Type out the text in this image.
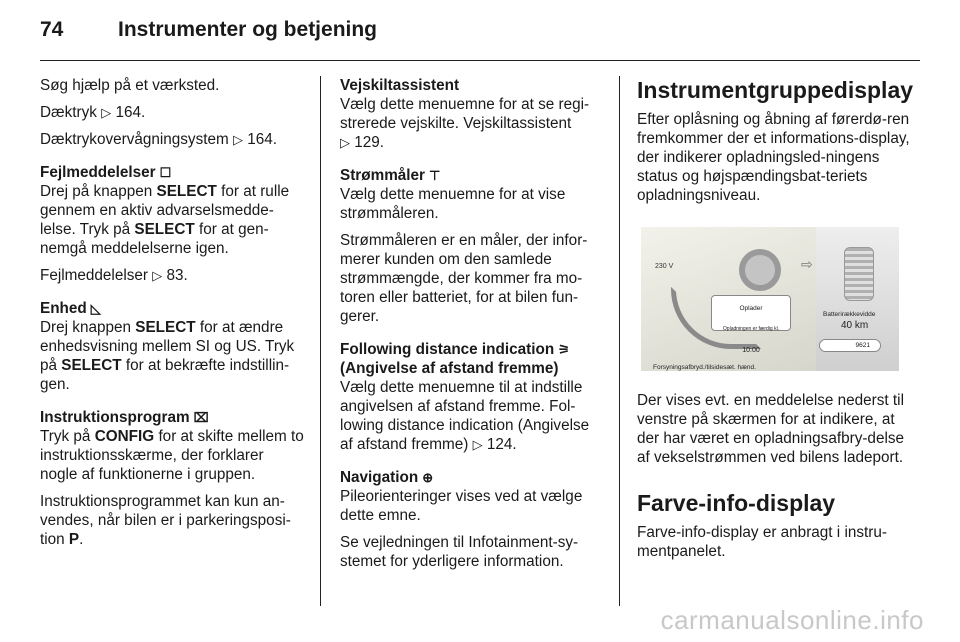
74	Instrumenter og betjening

Søg hjælp på et værksted.

Dæktryk ▷ 164.

Dæktrykovervågningsystem ▷ 164.

Fejlmeddelelser ☐

Drej på knappen SELECT for at rulle gennem en aktiv advarselsmedde-lelse. Tryk på SELECT for at gen-nemgå meddelelserne igen.

Fejlmeddelelser ▷ 83.

Enhed ◺

Drej knappen SELECT for at ændre enhedsvisning mellem SI og US. Tryk på SELECT for at bekræfte indstillin-gen.

Instruktionsprogram ⌧

Tryk på CONFIG for at skifte mellem to instruktionsskærme, der forklarer nogle af funktionerne i gruppen.

Instruktionsprogrammet kan kun an-vendes, når bilen er i parkeringsposi-tion P.

Vejskiltassistent

Vælg dette menuemne for at se regi-strerede vejskilte. Vejskiltassistent
▷ 129.

Strømmåler ⊤

Vælg dette menuemne for at vise strømmåleren.

Strømmåleren er en måler, der infor-merer kunden om den samlede strømmængde, der kommer fra mo-toren eller batteriet, for at bilen fun-gerer.

Following distance indication ⚞
(Angivelse af afstand fremme)

Vælg dette menuemne til at indstille angivelsen af afstand fremme. Fol-lowing distance indication (Angivelse af afstand fremme) ▷ 124.

Navigation ⊕

Pileorienteringer vises ved at vælge dette emne.

Se vejledningen til Infotainment-sy-stemet for yderligere information.

Instrumentgruppedisplay

Efter oplåsning og åbning af førerdø-ren fremkommer der et informations-display, der indikerer opladningsled-ningens status og højspændingsbat-teriets opladningsniveau.

230 V	⇨
Oplader
Opladningen er færdig kl.
10:00
Batterirækkevidde
40 km
9621
Forsyningsafbryd./tilsidesæt. hænd.

Der vises evt. en meddelelse nederst til venstre på skærmen for at indikere, at der har været en opladningsafbry-delse af vekselstrømmen ved bilens ladeport.

Farve-info-display

Farve-info-display er anbragt i instru-mentpanelet.

carmanualsonline.info
